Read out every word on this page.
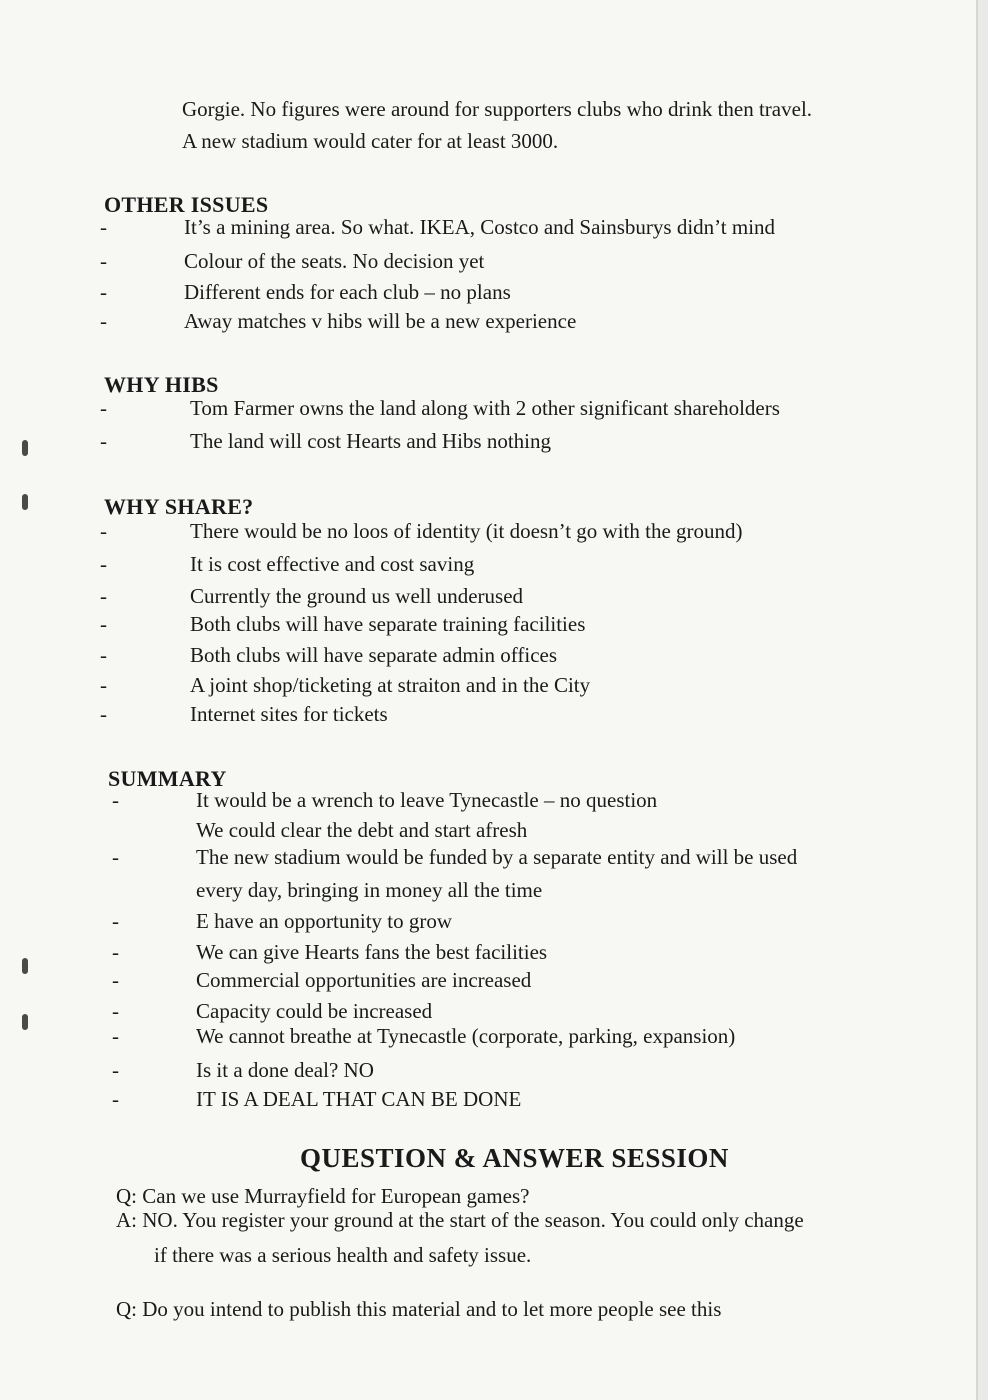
Gorgie. No figures were around for supporters clubs who drink then travel.
A new stadium would cater for at least 3000.
OTHER ISSUES
-	It’s a mining area. So what. IKEA, Costco and Sainsburys didn’t mind
-	Colour of the seats. No decision yet
-	Different ends for each club – no plans
-	Away matches v hibs will be a new experience
WHY HIBS
-	Tom Farmer owns the land along with 2 other significant shareholders
-	The land will cost Hearts and Hibs nothing
WHY SHARE?
-	There would be no loos of identity (it doesn’t go with the ground)
-	It is cost effective and cost saving
-	Currently the ground us well underused
-	Both clubs will have separate training facilities
-	Both clubs will have separate admin offices
-	A joint shop/ticketing at straiton and in the City
-	Internet sites for tickets
SUMMARY
-	It would be a wrench to leave Tynecastle – no question
We could clear the debt and start afresh
-	The new stadium would be funded by a separate entity and will be used
every day, bringing in money all the time
-	E have an opportunity to grow
-	We can give Hearts fans the best facilities
-	Commercial opportunities are increased
-	Capacity could be increased
-	We cannot breathe at Tynecastle (corporate, parking, expansion)
-	Is it a done deal? NO
-	IT IS A DEAL THAT CAN BE DONE
QUESTION & ANSWER SESSION
Q: Can we use Murrayfield for European games?
A: NO. You register your ground at the start of the season. You could only change
if there was a serious health and safety issue.
Q: Do you intend to publish this material and to let more people see this
